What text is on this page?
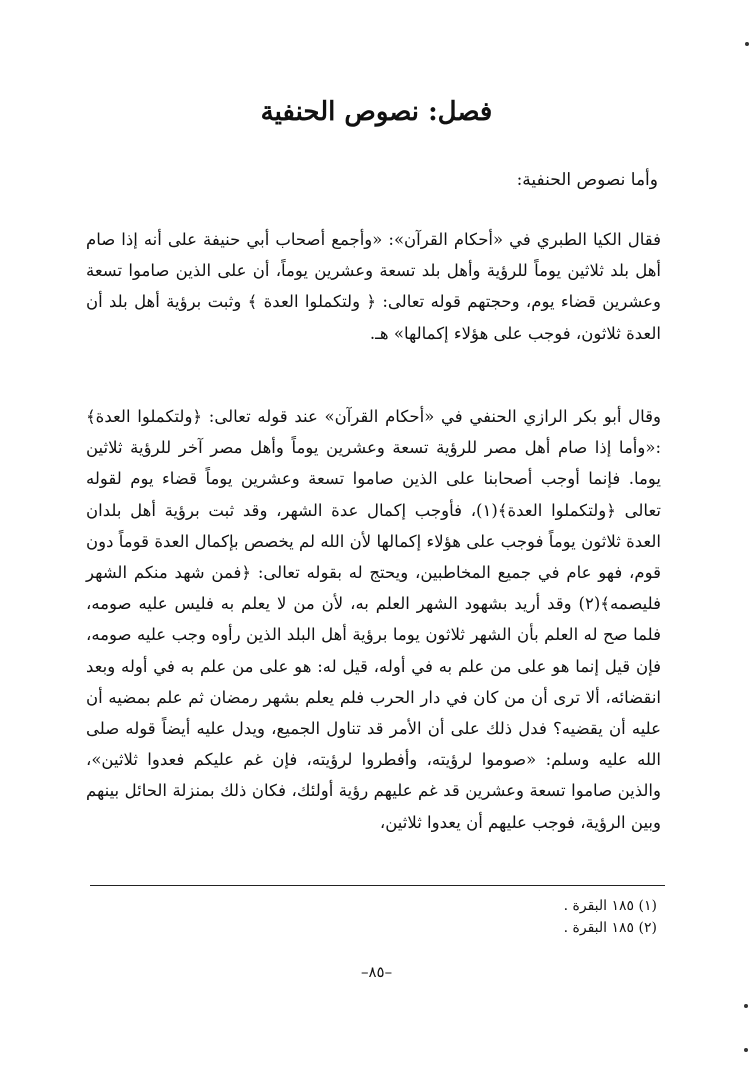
فصل: نصوص الحنفية

وأما نصوص الحنفية:

فقال الكيا الطبري في «أحكام القرآن»: «وأجمع أصحاب أبي حنيفة على أنه إذا صام أهل بلد ثلاثين يوماً للرؤية وأهل بلد تسعة وعشرين يوماً، أن على الذين صاموا تسعة وعشرين قضاء يوم، وحجتهم قوله تعالى: ﴿ ولتكملوا العدة ﴾ وثبت برؤية أهل بلد أن العدة ثلاثون، فوجب على هؤلاء إكمالها» هـ.

وقال أبو بكر الرازي الحنفي في «أحكام القرآن» عند قوله تعالى: ﴿ولتكملوا العدة﴾ :«وأما إذا صام أهل مصر للرؤية تسعة وعشرين يوماً وأهل مصر آخر للرؤية ثلاثين يوما. فإنما أوجب أصحابنا على الذين صاموا تسعة وعشرين يوماً قضاء يوم لقوله تعالى ﴿ولتكملوا العدة﴾(١)، فأوجب إكمال عدة الشهر، وقد ثبت برؤية أهل بلدان العدة ثلاثون يوماً فوجب على هؤلاء إكمالها لأن الله لم يخصص بإكمال العدة قوماً دون قوم، فهو عام في جميع المخاطبين، ويحتج له بقوله تعالى: ﴿فمن شهد منكم الشهر فليصمه﴾(٢) وقد أريد بشهود الشهر العلم به، لأن من لا يعلم به فليس عليه صومه، فلما صح له العلم بأن الشهر ثلاثون يوما برؤية أهل البلد الذين رأوه وجب عليه صومه، فإن قيل إنما هو على من علم به في أوله، قيل له: هو على من علم به في أوله وبعد انقضائه، ألا ترى أن من كان في دار الحرب فلم يعلم بشهر رمضان ثم علم بمضيه أن عليه أن يقضيه؟ فدل ذلك على أن الأمر قد تناول الجميع، ويدل عليه أيضاً قوله صلى الله عليه وسلم: «صوموا لرؤيته، وأفطروا لرؤيته، فإن غم عليكم فعدوا ثلاثين»، والذين صاموا تسعة وعشرين قد غم عليهم رؤية أولئك، فكان ذلك بمنزلة الحائل بينهم وبين الرؤية، فوجب عليهم أن يعدوا ثلاثين،

(١) ١٨٥ البقرة .
(٢) ١٨٥ البقرة .
–٨٥–
